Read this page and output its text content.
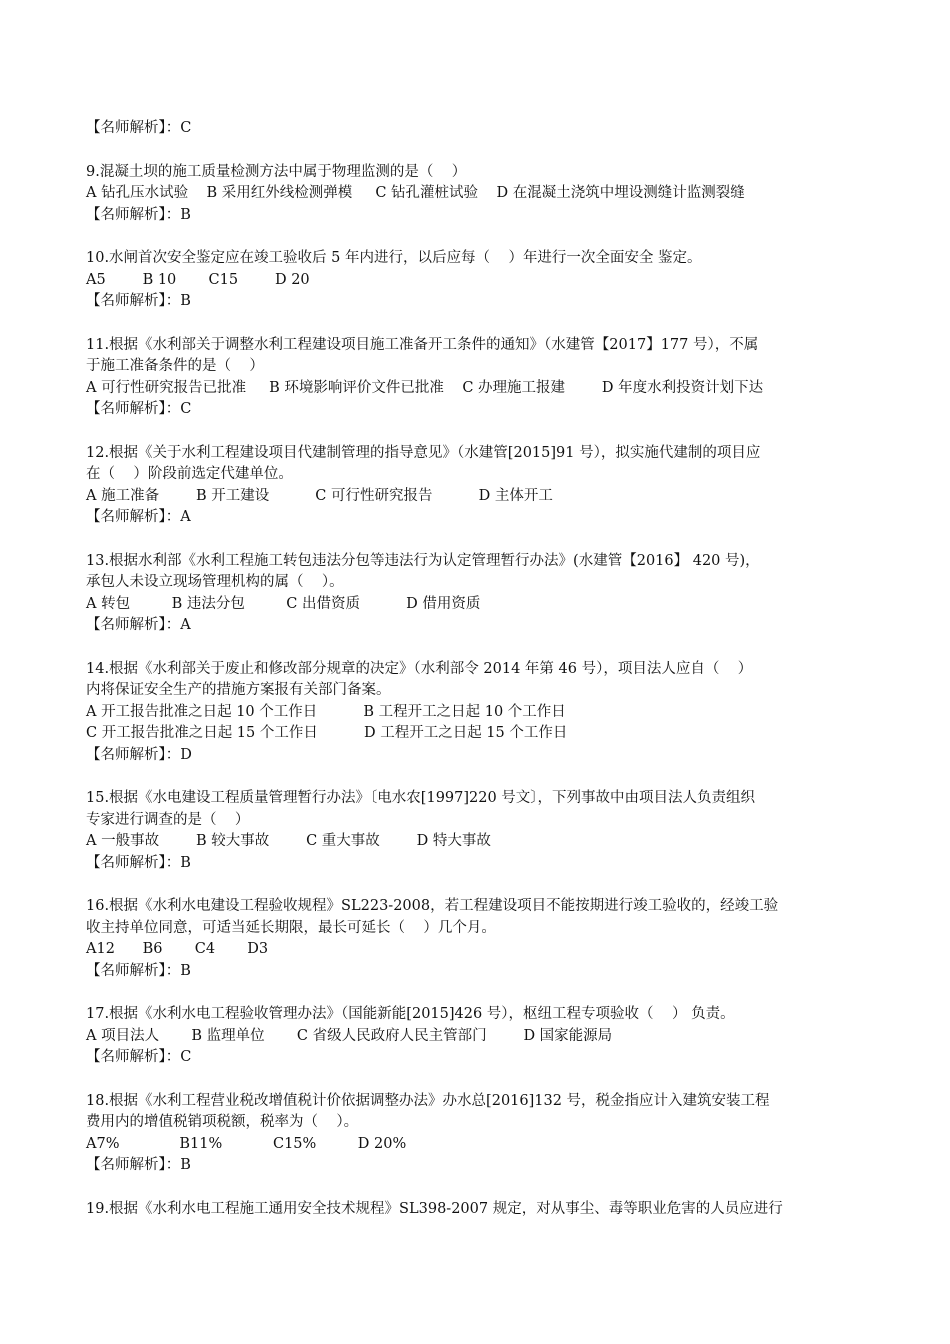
【名师解析】：C
9.混凝土坝的施工质量检测方法中属于物理监测的是（    ）
A 钻孔压水试验    B 采用红外线检测弹模     C 钻孔灌桩试验    D 在混凝土浇筑中埋设测缝计监测裂缝
【名师解析】：B
10.水闸首次安全鉴定应在竣工验收后 5 年内进行，以后应每（    ）年进行一次全面安全 鉴定。
A5        B 10       C15        D 20
【名师解析】：B
11.根据《水利部关于调整水利工程建设项目施工准备开工条件的通知》（水建管【2017】177 号），不属
于施工准备条件的是（    ）
A 可行性研究报告已批准     B 环境影响评价文件已批准    C 办理施工报建        D 年度水利投资计划下达
【名师解析】：C
12.根据《关于水利工程建设项目代建制管理的指导意见》（水建管[2015]91 号），拟实施代建制的项目应
在（    ）阶段前选定代建单位。
A 施工准备        B 开工建设          C 可行性研究报告          D 主体开工
【名师解析】：A
13.根据水利部《水利工程施工转包违法分包等违法行为认定管理暂行办法》(水建管【2016】 420 号)，
承包人未设立现场管理机构的属（    ）。
A 转包         B 违法分包         C 出借资质          D 借用资质
【名师解析】：A
14.根据《水利部关于废止和修改部分规章的决定》（水利部令 2014 年第 46 号），项目法人应自（    ）
内将保证安全生产的措施方案报有关部门备案。
A 开工报告批准之日起 10 个工作日          B 工程开工之日起 10 个工作日
C 开工报告批准之日起 15 个工作日          D 工程开工之日起 15 个工作日
【名师解析】：D
15.根据《水电建设工程质量管理暂行办法》〔电水农[1997]220 号文〕，下列事故中由项目法人负责组织
专家进行调查的是（    ）
A 一般事故        B 较大事故        C 重大事故        D 特大事故
【名师解析】：B
16.根据《水利水电建设工程验收规程》SL223-2008，若工程建设项目不能按期进行竣工验收的，经竣工验
收主持单位同意，可适当延长期限，最长可延长（    ）几个月。
A12      B6       C4       D3
【名师解析】：B
17.根据《水利水电工程验收管理办法》（国能新能[2015]426 号），枢纽工程专项验收（    ） 负责。
A 项目法人       B 监理单位       C 省级人民政府人民主管部门        D 国家能源局
【名师解析】：C
18.根据《水利工程营业税改增值税计价依据调整办法》办水总[2016]132 号，税金指应计入建筑安装工程
费用内的增值税销项税额，税率为（    ）。
A7%             B11%           C15%         D 20%
【名师解析】：B
19.根据《水利水电工程施工通用安全技术规程》SL398-2007 规定，对从事尘、毒等职业危害的人员应进行
